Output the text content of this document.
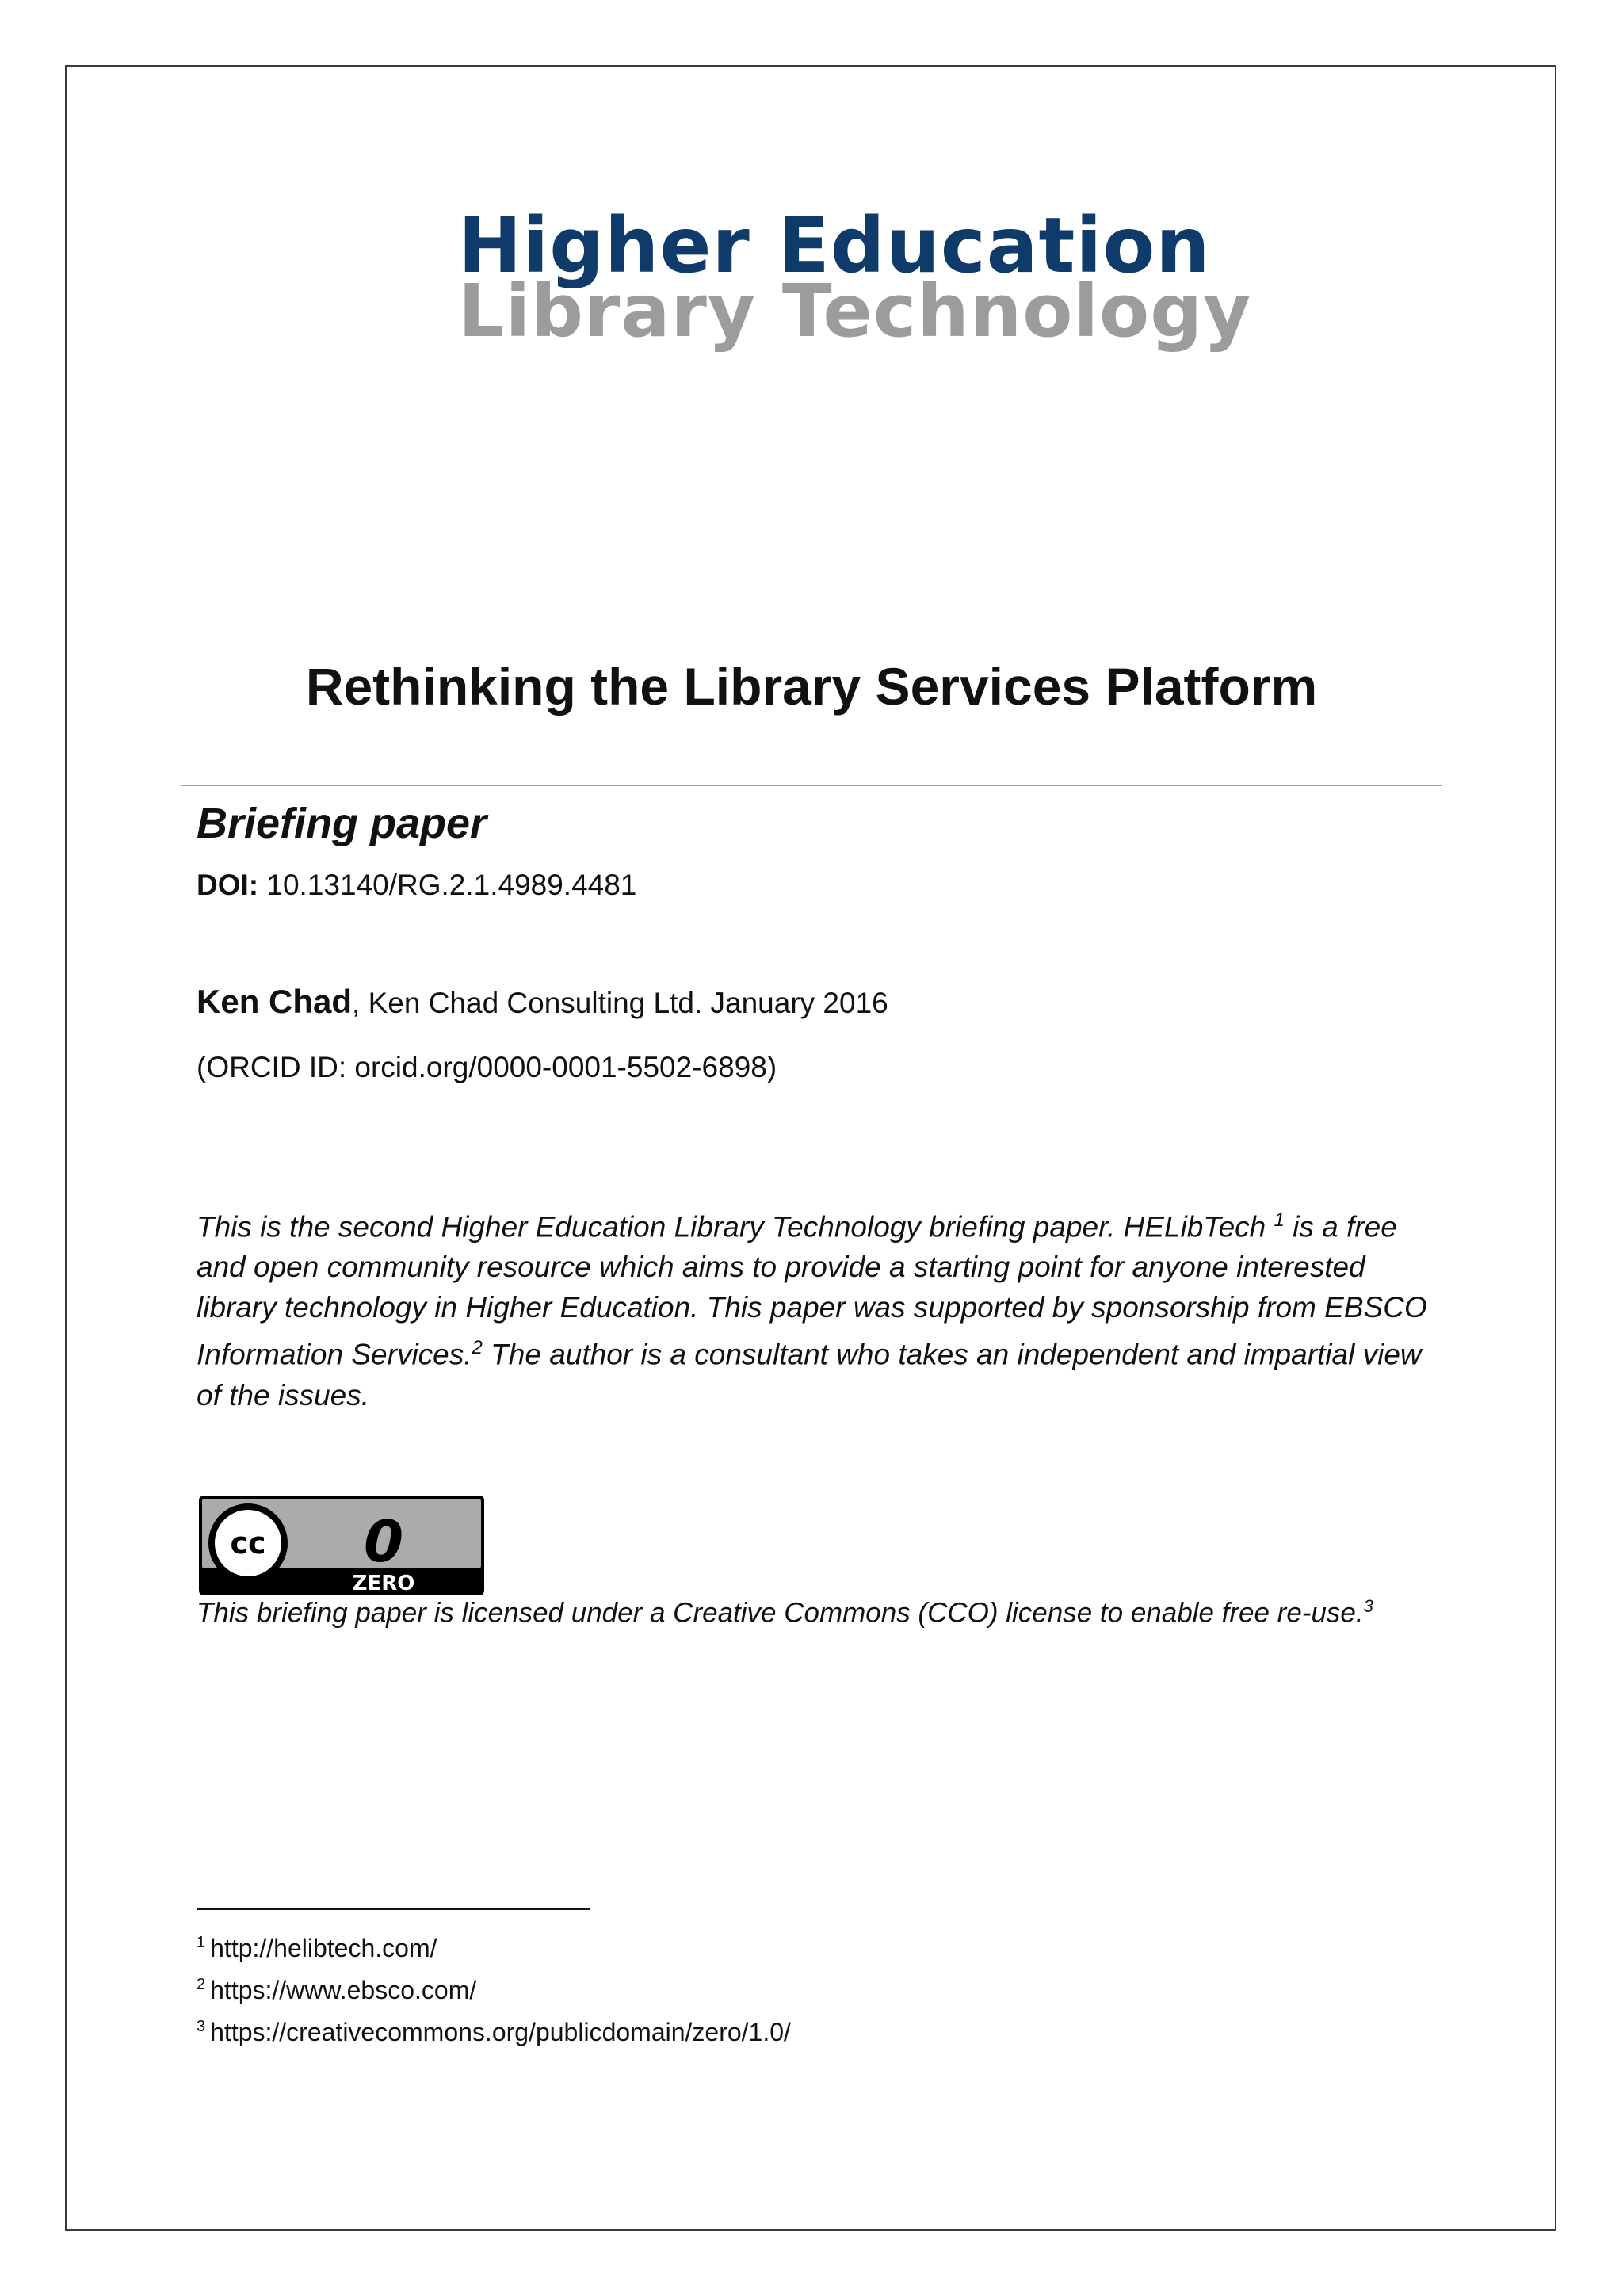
Higher Education
Library Technology
Rethinking the Library Services Platform
Briefing paper
DOI: 10.13140/RG.2.1.4989.4481
Ken Chad, Ken Chad Consulting Ltd. January 2016
(ORCID ID: orcid.org/0000-0001-5502-6898)
This is the second Higher Education Library Technology briefing paper. HELibTech $^1$ is a free and open community resource which aims to provide a starting point for anyone interested library technology in Higher Education. This paper was supported by sponsorship from EBSCO Information Services.$^2$ The author is a consultant who takes an independent and impartial view of the issues.
cc 0
ZERO
This briefing paper is licensed under a Creative Commons (CCO) license to enable free re-use.$^3$
$^1$ http://helibtech.com/
$^2$ https://www.ebsco.com/
$^3$ https://creativecommons.org/publicdomain/zero/1.0/
